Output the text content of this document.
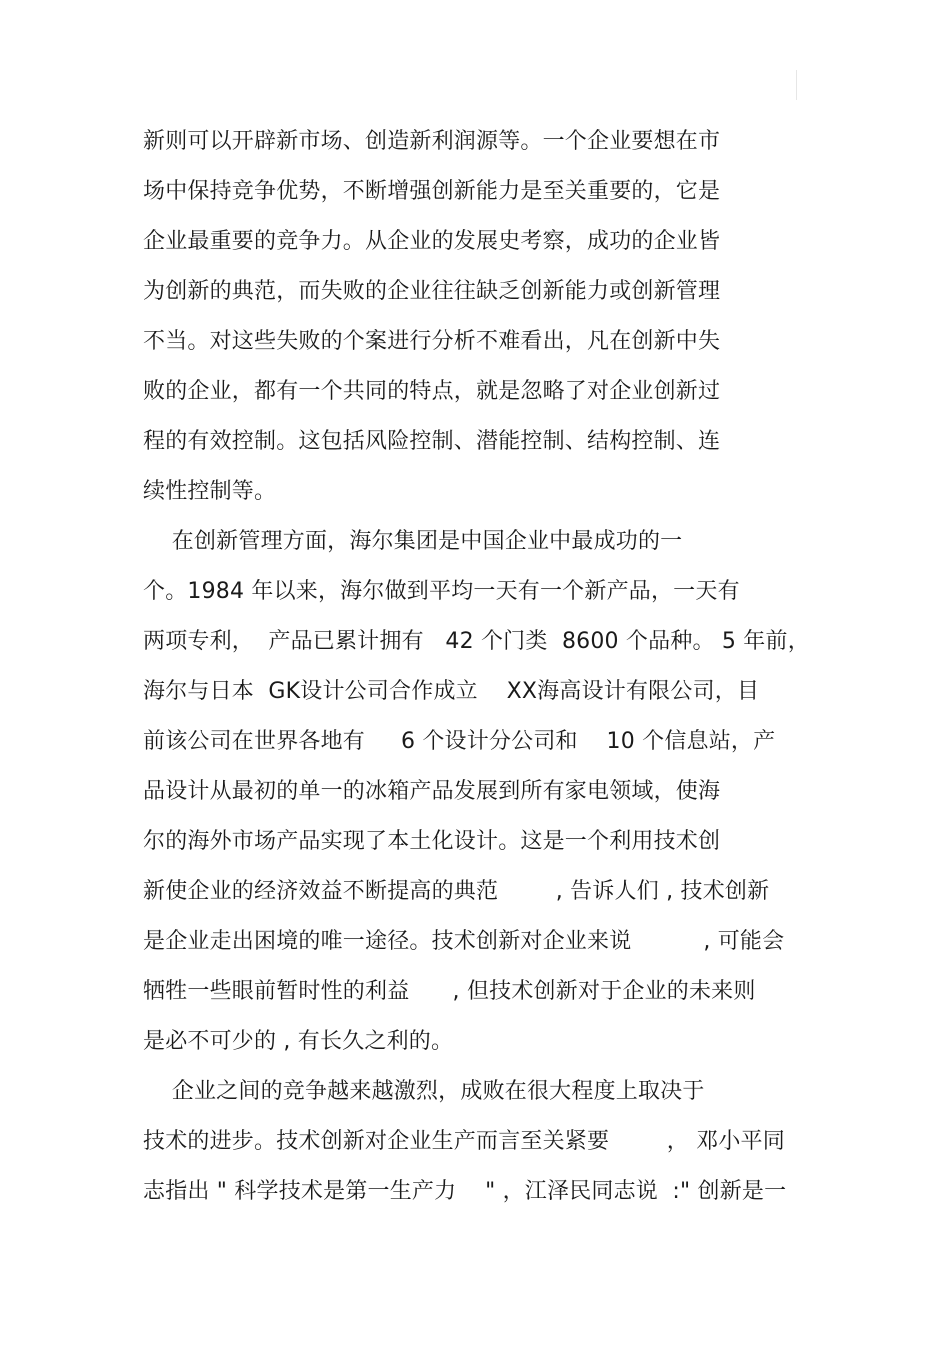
新则可以开辟新市场、创造新利润源等。一个企业要想在市
场中保持竞争优势，不断增强创新能力是至关重要的，它是
企业最重要的竞争力。从企业的发展史考察，成功的企业皆
为创新的典范，而失败的企业往往缺乏创新能力或创新管理
不当。对这些失败的个案进行分析不难看出，凡在创新中失
败的企业，都有一个共同的特点，就是忽略了对企业创新过
程的有效控制。这包括风险控制、潜能控制、结构控制、连
续性控制等。
在创新管理方面，海尔集团是中国企业中最成功的一
个。1984 年以来，海尔做到平均一天有一个新产品，一天有
两项专利，  产品已累计拥有   42 个门类  8600 个品种。 5 年前，
海尔与日本  GK设计公司合作成立    XX海高设计有限公司，目
前该公司在世界各地有     6 个设计分公司和    10 个信息站，产
品设计从最初的单一的冰箱产品发展到所有家电领域，使海
尔的海外市场产品实现了本土化设计。这是一个利用技术创
新使企业的经济效益不断提高的典范        , 告诉人们 , 技术创新
是企业走出困境的唯一途径。技术创新对企业来说          , 可能会
牺牲一些眼前暂时性的利益      , 但技术创新对于企业的未来则
是必不可少的 , 有长久之利的。
企业之间的竞争越来越激烈，成败在很大程度上取决于
技术的进步。技术创新对企业生产而言至关紧要        ， 邓小平同
志指出 " 科学技术是第一生产力    " ，江泽民同志说  :" 创新是一
